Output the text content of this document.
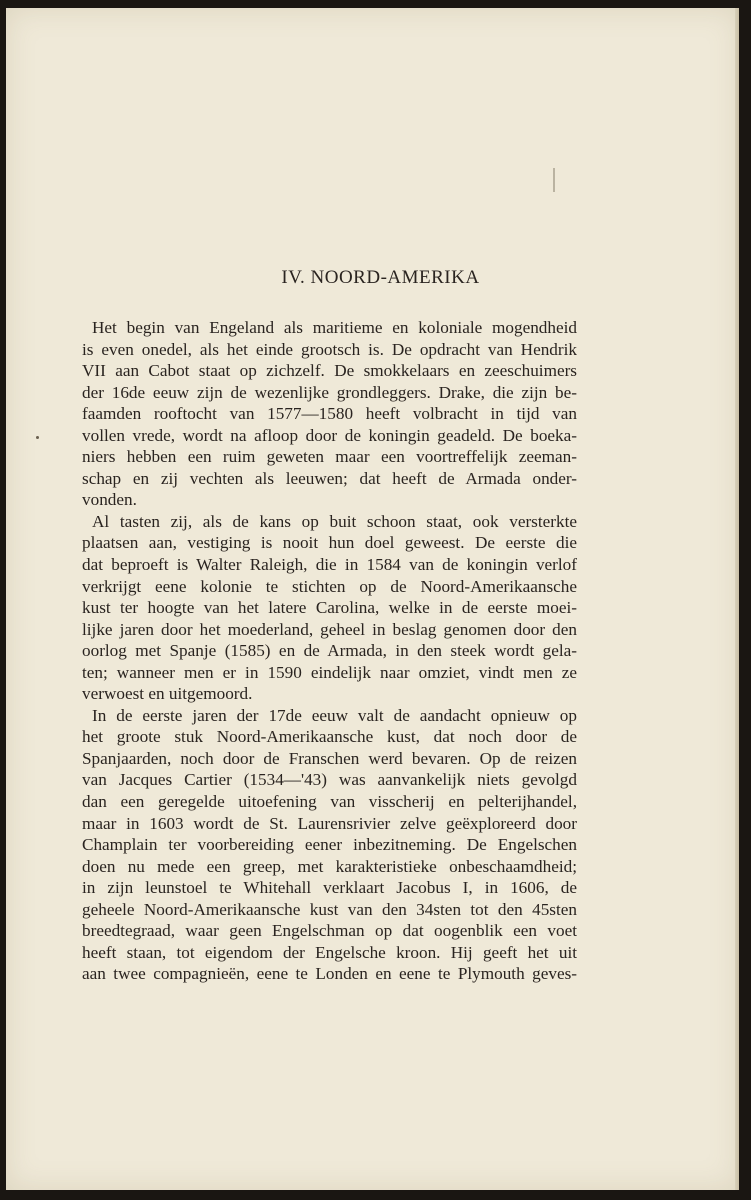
IV. NOORD-AMERIKA
Het begin van Engeland als maritieme en koloniale mogendheid
is even onedel, als het einde grootsch is. De opdracht van Hendrik
VII aan Cabot staat op zichzelf. De smokkelaars en zeeschuimers
der 16de eeuw zijn de wezenlijke grondleggers. Drake, die zijn be-
faamden rooftocht van 1577—1580 heeft volbracht in tijd van
vollen vrede, wordt na afloop door de koningin geadeld. De boeka-
niers hebben een ruim geweten maar een voortreffelijk zeeman-
schap en zij vechten als leeuwen; dat heeft de Armada onder-
vonden.
Al tasten zij, als de kans op buit schoon staat, ook versterkte
plaatsen aan, vestiging is nooit hun doel geweest. De eerste die
dat beproeft is Walter Raleigh, die in 1584 van de koningin verlof
verkrijgt eene kolonie te stichten op de Noord-Amerikaansche
kust ter hoogte van het latere Carolina, welke in de eerste moei-
lijke jaren door het moederland, geheel in beslag genomen door den
oorlog met Spanje (1585) en de Armada, in den steek wordt gela-
ten; wanneer men er in 1590 eindelijk naar omziet, vindt men ze
verwoest en uitgemoord.
In de eerste jaren der 17de eeuw valt de aandacht opnieuw op
het groote stuk Noord-Amerikaansche kust, dat noch door de
Spanjaarden, noch door de Franschen werd bevaren. Op de reizen
van Jacques Cartier (1534—'43) was aanvankelijk niets gevolgd
dan een geregelde uitoefening van visscherij en pelterijhandel,
maar in 1603 wordt de St. Laurensrivier zelve geëxploreerd door
Champlain ter voorbereiding eener inbezitneming. De Engelschen
doen nu mede een greep, met karakteristieke onbeschaamdheid;
in zijn leunstoel te Whitehall verklaart Jacobus I, in 1606, de
geheele Noord-Amerikaansche kust van den 34sten tot den 45sten
breedtegraad, waar geen Engelschman op dat oogenblik een voet
heeft staan, tot eigendom der Engelsche kroon. Hij geeft het uit
aan twee compagnieën, eene te Londen en eene te Plymouth geves-
